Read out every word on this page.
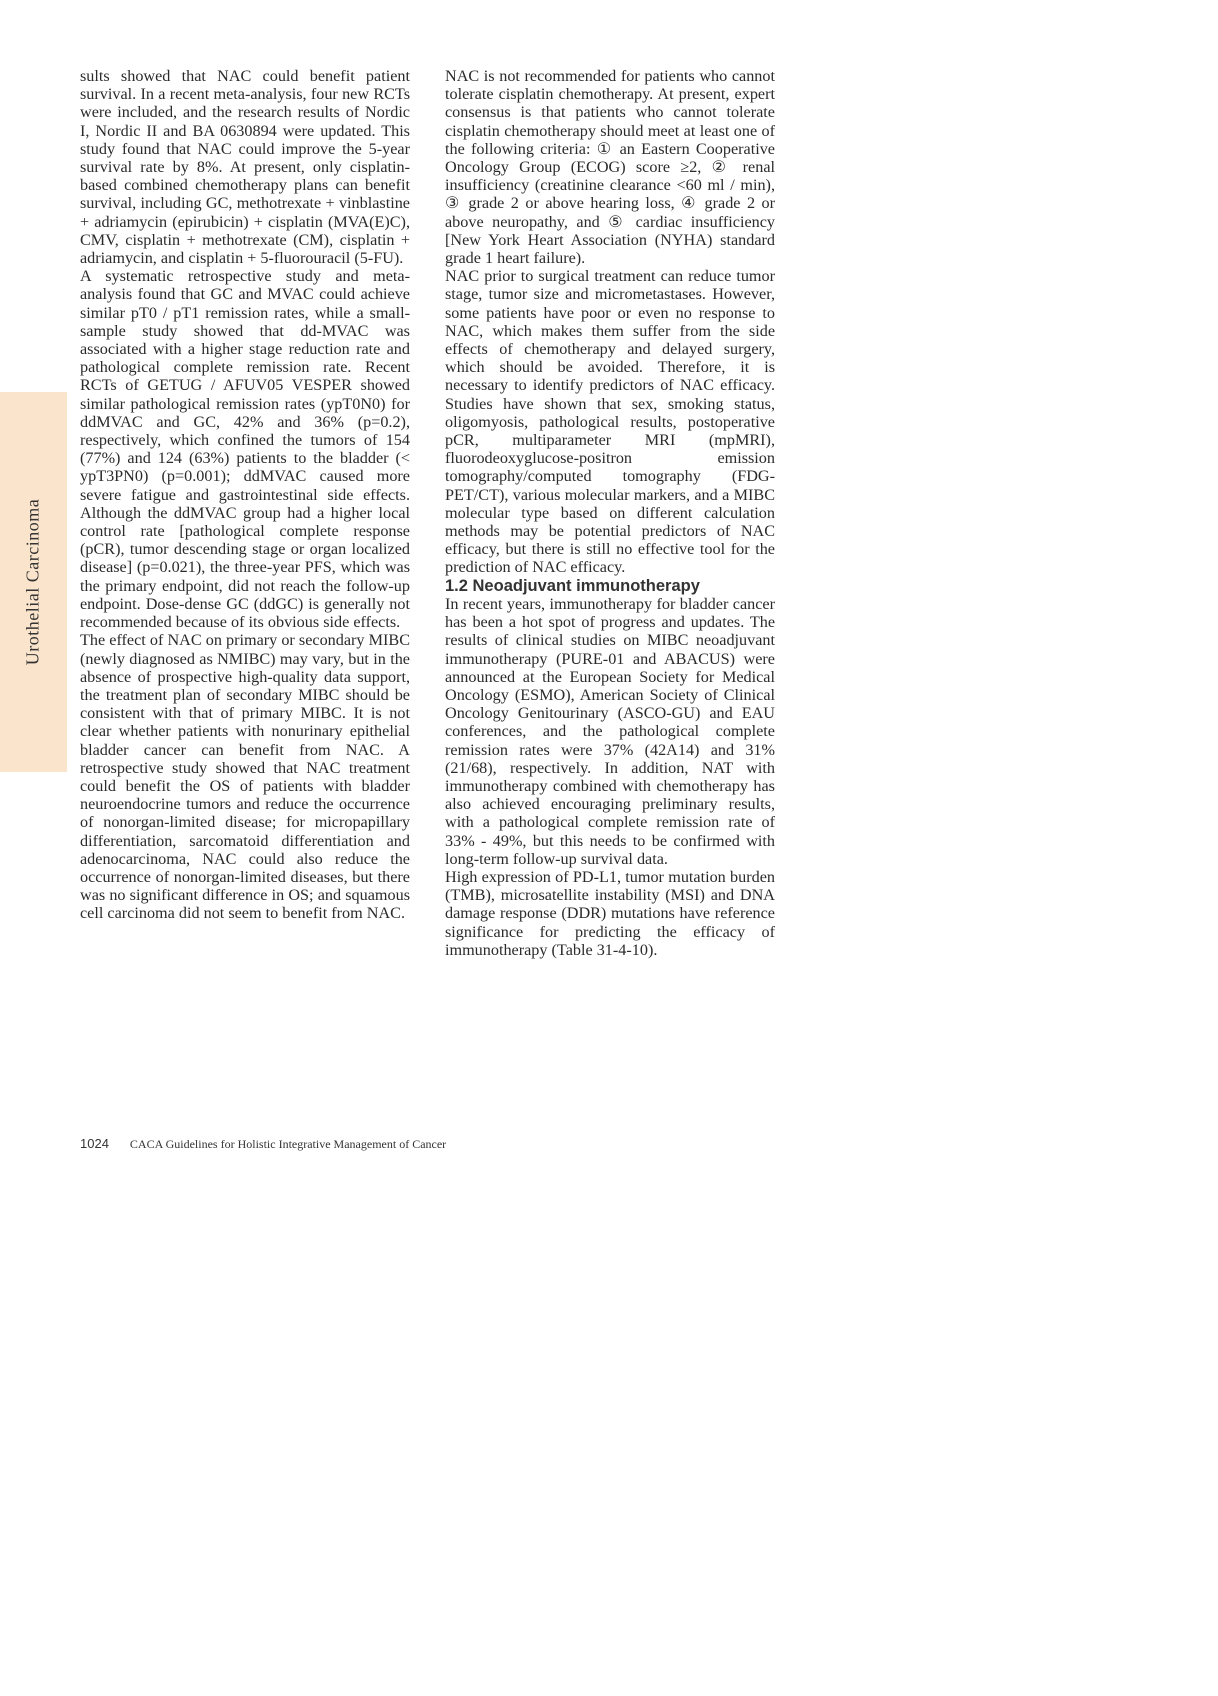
Urothelial Carcinoma

sults showed that NAC could benefit patient survival. In a recent meta-analysis, four new RCTs were included, and the research results of Nordic I, Nordic II and BA 0630894 were updated. This study found that NAC could improve the 5-year survival rate by 8%. At present, only cisplatin-based combined chemotherapy plans can benefit survival, including GC, methotrexate + vinblastine + adriamycin (epirubicin) + cisplatin (MVA(E)C), CMV, cisplatin + methotrexate (CM), cisplatin + adriamycin, and cisplatin + 5-fluorouracil (5-FU).

A systematic retrospective study and meta-analysis found that GC and MVAC could achieve similar pT0 / pT1 remission rates, while a small-sample study showed that dd-MVAC was associated with a higher stage reduction rate and pathological complete remission rate. Recent RCTs of GETUG / AFUV05 VESPER showed similar pathological remission rates (ypT0N0) for ddMVAC and GC, 42% and 36% (p=0.2), respectively, which confined the tumors of 154 (77%) and 124 (63%) patients to the bladder (< ypT3PN0) (p=0.001); ddMVAC caused more severe fatigue and gastrointestinal side effects. Although the ddMVAC group had a higher local control rate [pathological complete response (pCR), tumor descending stage or organ localized disease] (p=0.021), the three-year PFS, which was the primary endpoint, did not reach the follow-up endpoint. Dose-dense GC (ddGC) is generally not recommended because of its obvious side effects.

The effect of NAC on primary or secondary MIBC (newly diagnosed as NMIBC) may vary, but in the absence of prospective high-quality data support, the treatment plan of secondary MIBC should be consistent with that of primary MIBC. It is not clear whether patients with nonurinary epithelial bladder cancer can benefit from NAC. A retrospective study showed that NAC treatment could benefit the OS of patients with bladder neuroendocrine tumors and reduce the occurrence of nonorgan-limited disease; for micropapillary differentiation, sarcomatoid differentiation and adenocarcinoma, NAC could also reduce the occurrence of nonorgan-limited diseases, but there was no significant difference in OS; and squamous cell carcinoma did not seem to benefit from NAC.

NAC is not recommended for patients who cannot tolerate cisplatin chemotherapy. At present, expert consensus is that patients who cannot tolerate cisplatin chemotherapy should meet at least one of the following criteria: ① an Eastern Cooperative Oncology Group (ECOG) score ≥2, ② renal insufficiency (creatinine clearance <60 ml / min), ③ grade 2 or above hearing loss, ④ grade 2 or above neuropathy, and ⑤ cardiac insufficiency [New York Heart Association (NYHA) standard grade 1 heart failure).

NAC prior to surgical treatment can reduce tumor stage, tumor size and micrometastases. However, some patients have poor or even no response to NAC, which makes them suffer from the side effects of chemotherapy and delayed surgery, which should be avoided. Therefore, it is necessary to identify predictors of NAC efficacy. Studies have shown that sex, smoking status, oligomyosis, pathological results, postoperative pCR, multiparameter MRI (mpMRI), fluorodeoxyglucose-positron emission tomography/computed tomography (FDG-PET/CT), various molecular markers, and a MIBC molecular type based on different calculation methods may be potential predictors of NAC efficacy, but there is still no effective tool for the prediction of NAC efficacy.

1.2 Neoadjuvant immunotherapy

In recent years, immunotherapy for bladder cancer has been a hot spot of progress and updates. The results of clinical studies on MIBC neoadjuvant immunotherapy (PURE-01 and ABACUS) were announced at the European Society for Medical Oncology (ESMO), American Society of Clinical Oncology Genitourinary (ASCO-GU) and EAU conferences, and the pathological complete remission rates were 37% (42A14) and 31% (21/68), respectively. In addition, NAT with immunotherapy combined with chemotherapy has also achieved encouraging preliminary results, with a pathological complete remission rate of 33% - 49%, but this needs to be confirmed with long-term follow-up survival data.

High expression of PD-L1, tumor mutation burden (TMB), microsatellite instability (MSI) and DNA damage response (DDR) mutations have reference significance for predicting the efficacy of immunotherapy (Table 31-4-10).

1024 CACA Guidelines for Holistic Integrative Management of Cancer
